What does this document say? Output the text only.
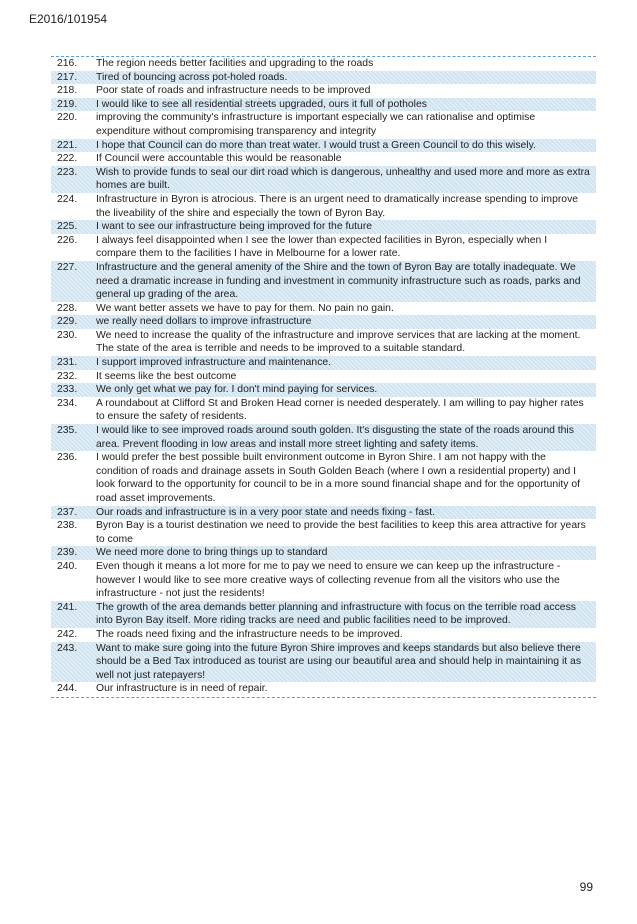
E2016/101954
216.	The region needs better facilities and upgrading to the roads
217.	Tired of bouncing across pot-holed roads.
218.	Poor state of roads and infrastructure needs to be improved
219.	I would like to see all residential streets upgraded, ours it full of potholes
220.	improving the community's infrastructure is important especially we can rationalise and optimise expenditure without compromising transparency and integrity
221.	I hope that Council can do more than treat water. I would trust a Green Council to do this wisely.
222.	If Council were accountable this would be reasonable
223.	Wish to provide funds to seal our dirt road which is dangerous, unhealthy and used more and more as extra homes are built.
224.	Infrastructure in Byron is atrocious. There is an urgent need to dramatically increase spending to improve the liveability of the shire and especially the town of Byron Bay.
225.	I want to see our infrastructure being improved for the future
226.	I always feel disappointed when I see the lower than expected facilities in Byron, especially when I compare them to the facilities I have in Melbourne for a lower rate.
227.	Infrastructure and the general amenity of the Shire and the town of Byron Bay are totally inadequate. We need a dramatic increase in funding and investment in community infrastructure such as roads, parks and general up grading of the area.
228.	We want better assets we have to pay for them. No pain no gain.
229.	we really need dollars to improve infrastructure
230.	We need to increase the quality of the infrastructure and improve services that are lacking at the moment. The state of the area is terrible and needs to be improved to a suitable standard.
231.	I support improved infrastructure and maintenance.
232.	It seems like the best outcome
233.	We only get what we pay for. I don't mind paying for services.
234.	A roundabout at Clifford St and Broken Head corner is needed desperately. I am willing to pay higher rates to ensure the safety of residents.
235.	I would like to see improved roads around south golden. It's disgusting the state of the roads around this area. Prevent flooding in low areas and install more street lighting and safety items.
236.	I would prefer the best possible built environment outcome in Byron Shire. I am not happy with the condition of roads and drainage assets in South Golden Beach (where I own a residential property) and I look forward to the opportunity for council to be in a more sound financial shape and for the opportunity of road asset improvements.
237.	Our roads and infrastructure is in a very poor state and needs fixing - fast.
238.	Byron Bay is a tourist destination we need to provide the best facilities to keep this area attractive for years to come
239.	We need more done to bring things up to standard
240.	Even though it means a lot more for me to pay we need to ensure we can keep up the infrastructure - however I would like to see more creative ways of collecting revenue from all the visitors who use the infrastructure - not just the residents!
241.	The growth of the area demands better planning and infrastructure with focus on the terrible road access into Byron Bay itself. More riding tracks are need and public facilities need to be improved.
242.	The roads need fixing and the infrastructure needs to be improved.
243.	Want to make sure going into the future Byron Shire improves and keeps standards but also believe there should be a Bed Tax introduced as tourist are using our beautiful area and should help in maintaining it as well not just ratepayers!
244.	Our infrastructure is in need of repair.
99
